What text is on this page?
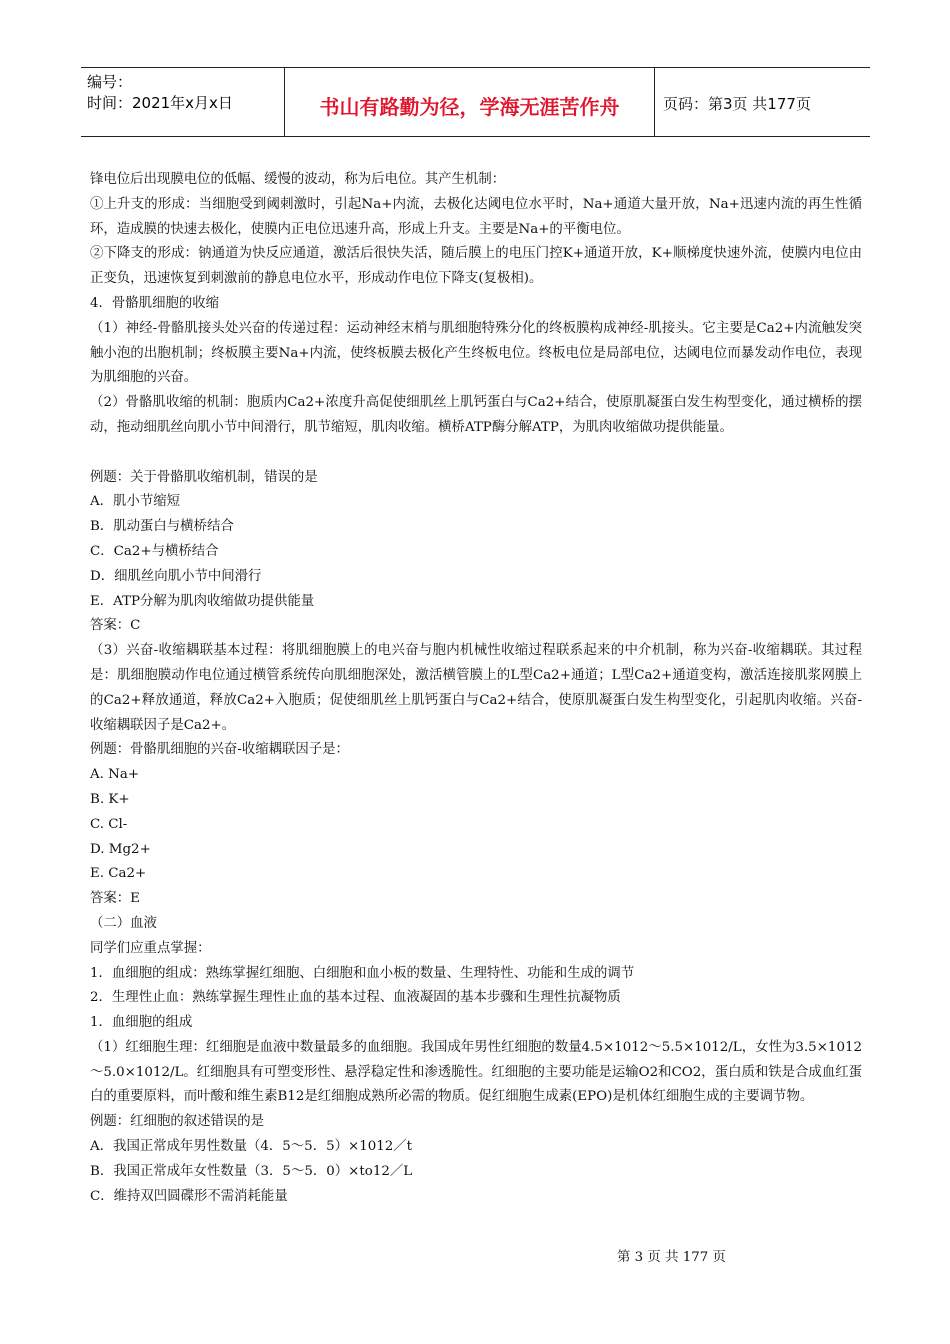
编号：
时间：2021年x月x日	书山有路勤为径，学海无涯苦作舟	页码：第3页 共177页

锋电位后出现膜电位的低幅、缓慢的波动，称为后电位。其产生机制：

①上升支的形成：当细胞受到阈刺激时，引起Na+内流，去极化达阈电位水平时，Na+通道大量开放，Na+迅速内流的再生性循环，造成膜的快速去极化，使膜内正电位迅速升高，形成上升支。主要是Na+的平衡电位。

②下降支的形成：钠通道为快反应通道，激活后很快失活，随后膜上的电压门控K+通道开放，K+顺梯度快速外流，使膜内电位由正变负，迅速恢复到刺激前的静息电位水平，形成动作电位下降支(复极相)。

4．骨骼肌细胞的收缩

（1）神经-骨骼肌接头处兴奋的传递过程：运动神经末梢与肌细胞特殊分化的终板膜构成神经-肌接头。它主要是Ca2+内流触发突触小泡的出胞机制；终板膜主要Na+内流，使终板膜去极化产生终板电位。终板电位是局部电位，达阈电位而暴发动作电位，表现为肌细胞的兴奋。

（2）骨骼肌收缩的机制：胞质内Ca2+浓度升高促使细肌丝上肌钙蛋白与Ca2+结合，使原肌凝蛋白发生构型变化，通过横桥的摆动，拖动细肌丝向肌小节中间滑行，肌节缩短，肌肉收缩。横桥ATP酶分解ATP，为肌肉收缩做功提供能量。

例题：关于骨骼肌收缩机制，错误的是

A．肌小节缩短

B．肌动蛋白与横桥结合

C．Ca2+与横桥结合

D．细肌丝向肌小节中间滑行

E．ATP分解为肌肉收缩做功提供能量

答案：C

（3）兴奋-收缩耦联基本过程：将肌细胞膜上的电兴奋与胞内机械性收缩过程联系起来的中介机制，称为兴奋-收缩耦联。其过程是：肌细胞膜动作电位通过横管系统传向肌细胞深处，激活横管膜上的L型Ca2+通道；L型Ca2+通道变构，激活连接肌浆网膜上的Ca2+释放通道，释放Ca2+入胞质；促使细肌丝上肌钙蛋白与Ca2+结合，使原肌凝蛋白发生构型变化，引起肌肉收缩。兴奋-收缩耦联因子是Ca2+。

例题：骨骼肌细胞的兴奋-收缩耦联因子是：

A. Na+

B. K+

C. Cl-

D. Mg2+

E. Ca2+

答案：E

（二）血液

同学们应重点掌握：

1．血细胞的组成：熟练掌握红细胞、白细胞和血小板的数量、生理特性、功能和生成的调节

2．生理性止血：熟练掌握生理性止血的基本过程、血液凝固的基本步骤和生理性抗凝物质

1．血细胞的组成

（1）红细胞生理：红细胞是血液中数量最多的血细胞。我国成年男性红细胞的数量4.5×1012～5.5×1012/L，女性为3.5×1012～5.0×1012/L。红细胞具有可塑变形性、悬浮稳定性和渗透脆性。红细胞的主要功能是运输O2和CO2，蛋白质和铁是合成血红蛋白的重要原料，而叶酸和维生素B12是红细胞成熟所必需的物质。促红细胞生成素(EPO)是机体红细胞生成的主要调节物。

例题：红细胞的叙述错误的是

A．我国正常成年男性数量（4．5～5．5）×1012／t

B．我国正常成年女性数量（3．5～5．0）×to12／L

C．维持双凹圆碟形不需消耗能量

第 3 页 共 177 页
